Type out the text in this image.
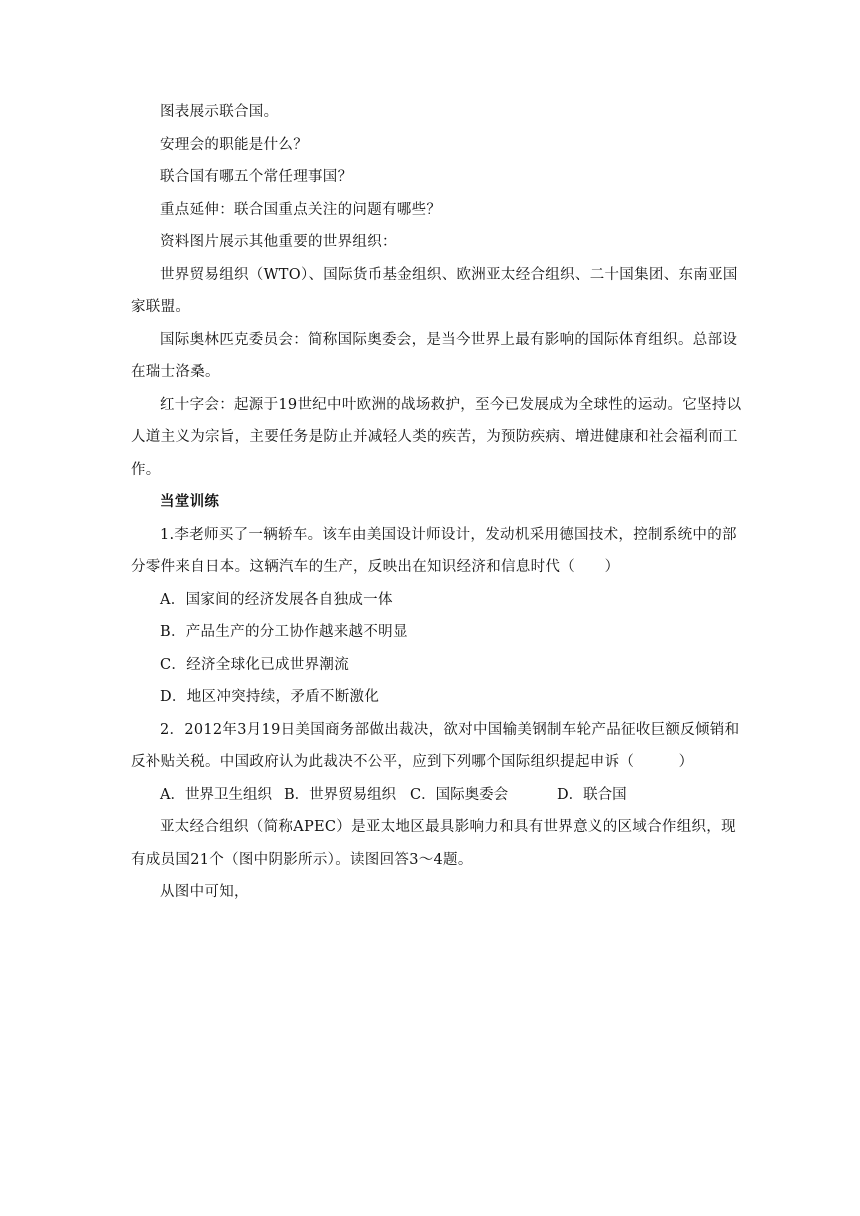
图表展示联合国。

安理会的职能是什么？

联合国有哪五个常任理事国？

重点延伸：联合国重点关注的问题有哪些？

资料图片展示其他重要的世界组织：

世界贸易组织（WTO）、国际货币基金组织、欧洲亚太经合组织、二十国集团、东南亚国家联盟。

国际奥林匹克委员会：简称国际奥委会，是当今世界上最有影响的国际体育组织。总部设在瑞士洛桑。

红十字会：起源于19世纪中叶欧洲的战场救护，至今已发展成为全球性的运动。它坚持以人道主义为宗旨，主要任务是防止并减轻人类的疾苦，为预防疾病、增进健康和社会福利而工作。

当堂训练

1.李老师买了一辆轿车。该车由美国设计师设计，发动机采用德国技术，控制系统中的部分零件来自日本。这辆汽车的生产，反映出在知识经济和信息时代（　　）

A．国家间的经济发展各自独成一体

B．产品生产的分工协作越来越不明显

C．经济全球化已成世界潮流

D．地区冲突持续，矛盾不断激化

2．2012年3月19日美国商务部做出裁决，欲对中国输美钢制车轮产品征收巨额反倾销和反补贴关税。中国政府认为此裁决不公平，应到下列哪个国际组织提起申诉（　　　）

A．世界卫生组织 B．世界贸易组织 C．国际奥委会	D．联合国

亚太经合组织（简称APEC）是亚太地区最具影响力和具有世界意义的区域合作组织，现有成员国21个（图中阴影所示）。读图回答3～4题。

从图中可知，
